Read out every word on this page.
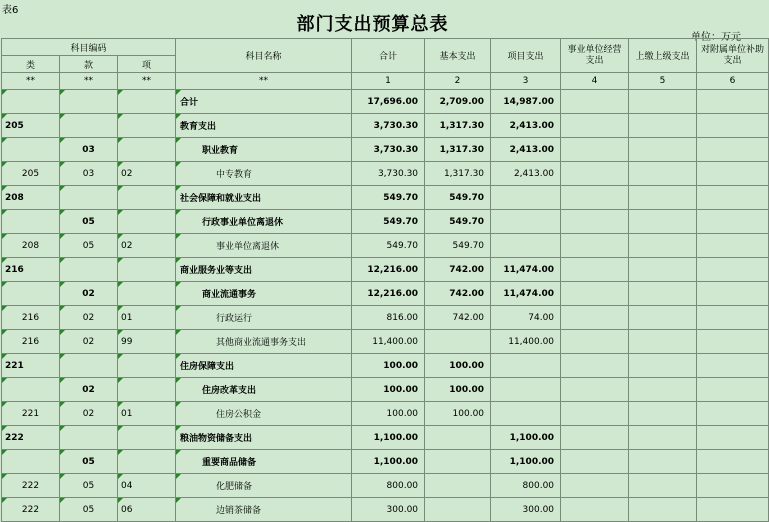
表6
部门支出预算总表
单位：万元
科目编码			科目名称	合计	基本支出	项目支出	事业单位经营支出	上缴上级支出	对附属单位补助支出
类	款	项							
**	**	**	**	1	2	3	4	5	6
			合计	17,696.00	2,709.00	14,987.00			
205			教育支出	3,730.30	1,317.30	2,413.00			
	03		职业教育	3,730.30	1,317.30	2,413.00			
205	03	02	中专教育	3,730.30	1,317.30	2,413.00			
208			社会保障和就业支出	549.70	549.70				
	05		行政事业单位离退休	549.70	549.70				
208	05	02	事业单位离退休	549.70	549.70				
216			商业服务业等支出	12,216.00	742.00	11,474.00			
	02		商业流通事务	12,216.00	742.00	11,474.00			
216	02	01	行政运行	816.00	742.00	74.00			
216	02	99	其他商业流通事务支出	11,400.00		11,400.00			
221			住房保障支出	100.00	100.00				
	02		住房改革支出	100.00	100.00				
221	02	01	住房公积金	100.00	100.00				
222			粮油物资储备支出	1,100.00		1,100.00			
	05		重要商品储备	1,100.00		1,100.00			
222	05	04	化肥储备	800.00		800.00			
222	05	06	边销茶储备	300.00		300.00			
